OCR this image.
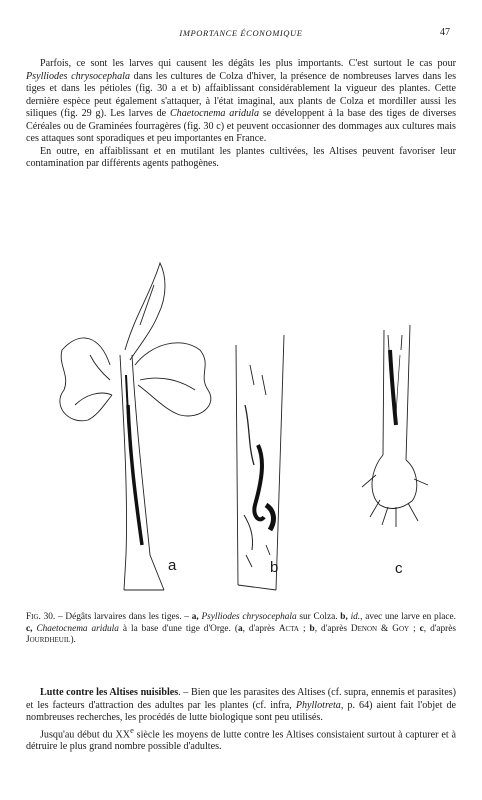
IMPORTANCE ÉCONOMIQUE	47

Parfois, ce sont les larves qui causent les dégâts les plus importants. C'est surtout le cas pour Psylliodes chrysocephala dans les cultures de Colza d'hiver, la présence de nombreuses larves dans les tiges et dans les pétioles (fig. 30 a et b) affaiblissant considérablement la vigueur des plantes. Cette dernière espèce peut également s'attaquer, à l'état imaginal, aux plants de Colza et mordiller aussi les siliques (fig. 29 g). Les larves de Chaetocnema aridula se développent à la base des tiges de diverses Céréales ou de Graminées fourragères (fig. 30 c) et peuvent occasionner des dommages aux cultures mais ces attaques sont sporadiques et peu importantes en France.

En outre, en affaiblissant et en mutilant les plantes cultivées, les Altises peuvent favoriser leur contamination par différents agents pathogènes.

a	b	c
Fig. 30. – Dégâts larvaires dans les tiges. – a, Psylliodes chrysocephala sur Colza. b, id., avec une larve en place. c, Chaetocnema aridula à la base d'une tige d'Orge. (a, d'après Acta ; b, d'après Denon & Goy ; c, d'après Jourdheuil).

Lutte contre les Altises nuisibles. – Bien que les parasites des Altises (cf. supra, ennemis et parasites) et les facteurs d'attraction des adultes par les plantes (cf. infra, Phyllotreta, p. 64) aient fait l'objet de nombreuses recherches, les procédés de lutte biologique sont peu utilisés.

Jusqu'au début du XXe siècle les moyens de lutte contre les Altises consistaient surtout à capturer et à détruire le plus grand nombre possible d'adultes.
